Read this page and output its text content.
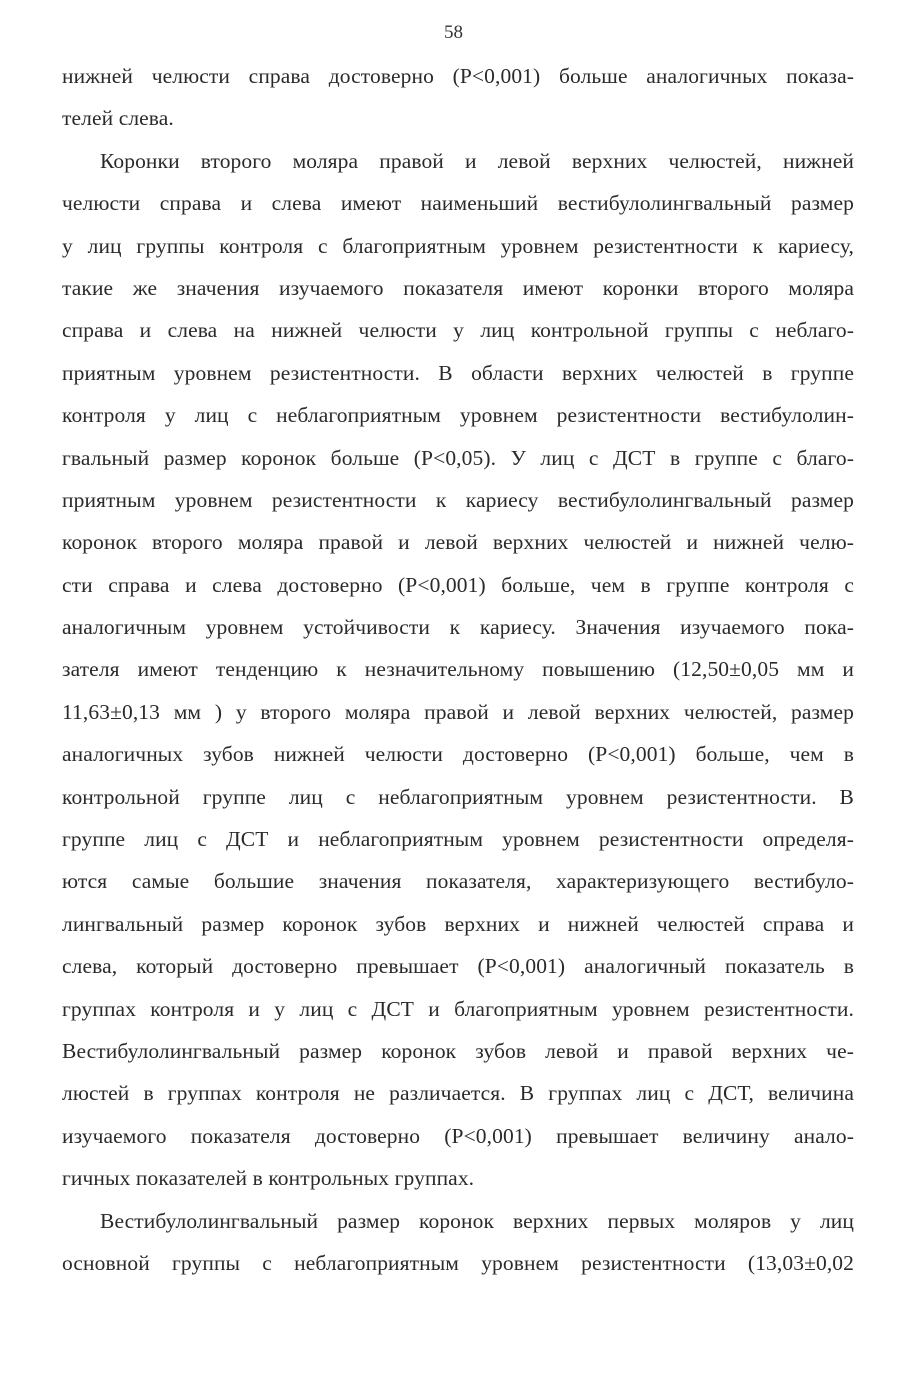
58
нижней челюсти справа достоверно (Р<0,001) больше аналогичных показа-
телей слева.
Коронки второго моляра правой и левой верхних челюстей, нижней
челюсти справа и слева имеют наименьший вестибулолингвальный размер
у лиц группы контроля с благоприятным уровнем резистентности к кариесу,
такие же значения изучаемого показателя имеют коронки второго моляра
справа и слева на нижней челюсти у лиц контрольной группы с неблаго-
приятным уровнем резистентности. В области верхних челюстей в группе
контроля у лиц с неблагоприятным уровнем резистентности вестибулолин-
гвальный размер коронок больше (Р<0,05). У лиц с ДСТ в группе с благо-
приятным уровнем резистентности к кариесу вестибулолингвальный размер
коронок второго моляра правой и левой верхних челюстей и нижней челю-
сти справа и слева достоверно (Р<0,001) больше, чем в группе контроля с
аналогичным уровнем устойчивости к кариесу. Значения изучаемого пока-
зателя имеют тенденцию к незначительному повышению (12,50±0,05 мм и
11,63±0,13 мм ) у второго моляра правой и левой верхних челюстей, размер
аналогичных зубов нижней челюсти достоверно (Р<0,001) больше, чем в
контрольной группе лиц с неблагоприятным уровнем резистентности. В
группе лиц с ДСТ и неблагоприятным уровнем резистентности определя-
ются самые большие значения показателя, характеризующего вестибуло-
лингвальный размер коронок зубов верхних и нижней челюстей справа и
слева, который достоверно превышает (Р<0,001) аналогичный показатель в
группах контроля и у лиц с ДСТ и благоприятным уровнем резистентности.
Вестибулолингвальный размер коронок зубов левой и правой верхних че-
люстей в группах контроля не различается. В группах лиц с ДСТ, величина
изучаемого показателя достоверно (Р<0,001) превышает величину анало-
гичных показателей в контрольных группах.
Вестибулолингвальный размер коронок верхних первых моляров у лиц
основной группы с неблагоприятным уровнем резистентности (13,03±0,02
